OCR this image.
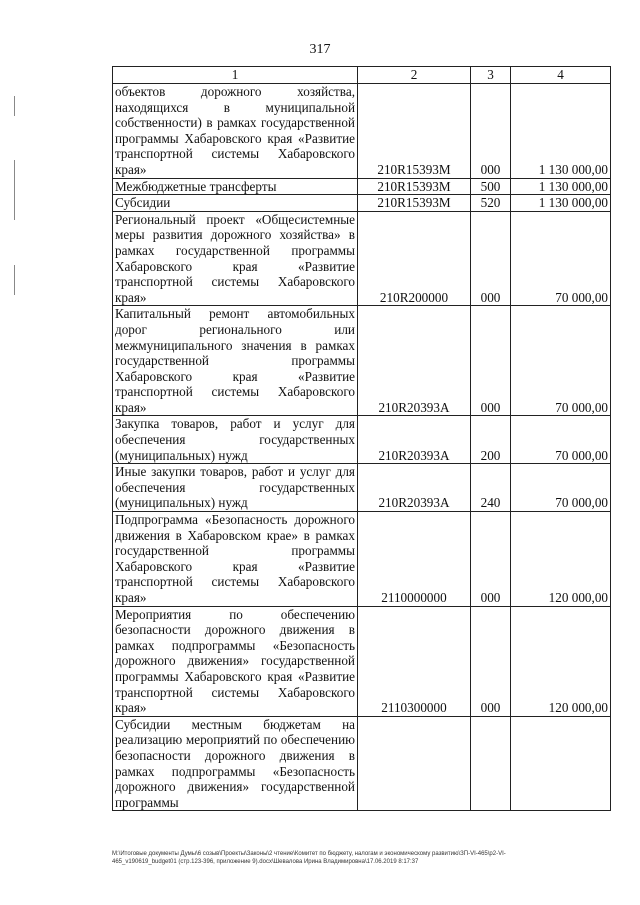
317
1	2	3	4
объектов дорожного хозяйства, находящихся в муниципальной собственности) в рамках государственной программы Хабаровского края «Развитие транспортной системы Хабаровского края»	210R15393M	000	1 130 000,00
Межбюджетные трансферты	210R15393M	500	1 130 000,00
Субсидии	210R15393M	520	1 130 000,00
Региональный проект «Общесистемные меры развития дорожного хозяйства» в рамках государственной программы Хабаровского края «Развитие транспортной системы Хабаровского края»	210R200000	000	70 000,00
Капитальный ремонт автомобильных дорог регионального или межмуниципального значения в рамках государственной программы Хабаровского края «Развитие транспортной системы Хабаровского края»	210R20393A	000	70 000,00
Закупка товаров, работ и услуг для обеспечения государственных (муниципальных) нужд	210R20393A	200	70 000,00
Иные закупки товаров, работ и услуг для обеспечения государственных (муниципальных) нужд	210R20393A	240	70 000,00
Подпрограмма «Безопасность дорожного движения в Хабаровском крае» в рамках государственной программы Хабаровского края «Развитие транспортной системы Хабаровского края»	2110000000	000	120 000,00
Мероприятия по обеспечению безопасности дорожного движения в рамках подпрограммы «Безопасность дорожного движения» государственной программы Хабаровского края «Развитие транспортной системы Хабаровского края»	2110300000	000	120 000,00
Субсидии местным бюджетам на реализацию мероприятий по обеспечению безопасности дорожного движения в рамках подпрограммы «Безопасность дорожного движения» государственной программы			
M:\Итоговые документы Думы\6 созыв\Проекты\Законы\2 чтение\Комитет по бюджету, налогам и экономическому развитию\ЗП-VI-465\р2-VI-
465_v190619_budget01 (стр.123-396, приложение 9).docx\Шевалова Ирина Владимировна\17.06.2019 8:17:37
